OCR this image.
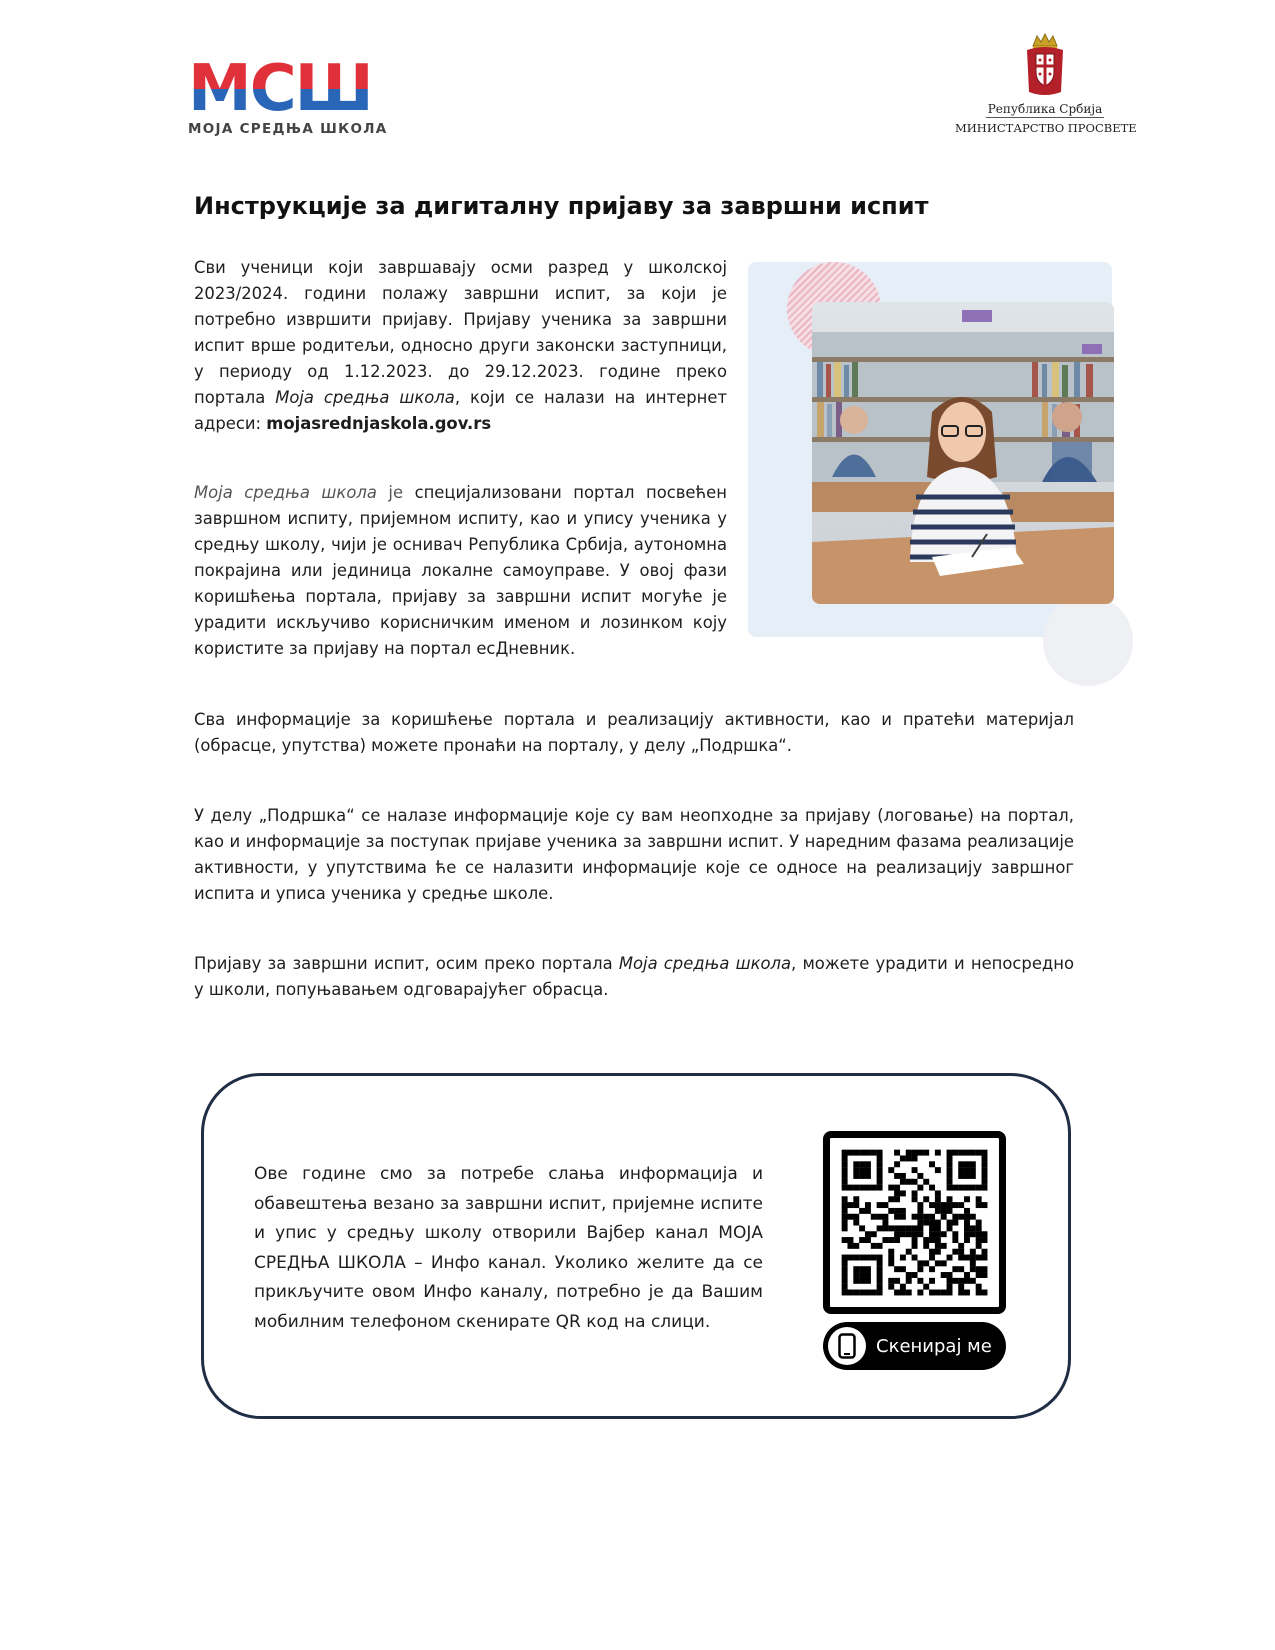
М С Ш
МОЈА СРЕДЊА ШКОЛА
Република Србија
МИНИСТАРСТВО ПРОСВЕТЕ
Инструкције за дигиталну пријаву за завршни испит

Сви ученици који завршавају осми разред у школској 2023/2024. години полажу завршни испит, за који је потребно извршити пријаву. Пријаву ученика за завршни испит врше родитељи, односно други законски заступници, у периоду од 1.12.2023. до 29.12.2023. године преко портала Моја средња школа, који се налази на интернет адреси: mojasrednjaskola.gov.rs

Моја средња школа је специјализовани портал посвећен завршном испиту, пријемном испиту, као и упису ученика у средњу школу, чији је оснивач Република Србија, аутономна покрајина или јединица локалне самоуправе. У овој фази коришћења портала, пријаву за завршни испит могуће је урадити искључиво корисничким именом и лозинком коју користите за пријаву на портал есДневник.

Сва информације за коришћење портала и реализацију активности, као и пратећи материјал (обрасце, упутства) можете пронаћи на порталу, у делу „Подршка“.

У делу „Подршка“ се налазе информације које су вам неопходне за пријаву (логовање) на портал, као и информације за поступак пријаве ученика за завршни испит. У наредним фазама реализације активности, у упутствима ће се налазити информације које се односе на реализацију завршног испита и уписа ученика у средње школе.

Пријаву за завршни испит, осим преко портала Моја средња школа, можете урадити и непосредно у школи, попуњавањем одговарајућег обрасца.

Ове године смо за потребе слања информација и обавештења везано за завршни испит, пријемне испите и упис у средњу школу отворили Вајбер канал МОЈА СРЕДЊА ШКОЛА – Инфо канал. Уколико желите да се прикључите овом Инфо каналу, потребно је да Вашим мобилним телефоном скенирате QR код на слици.

Скенирај ме
